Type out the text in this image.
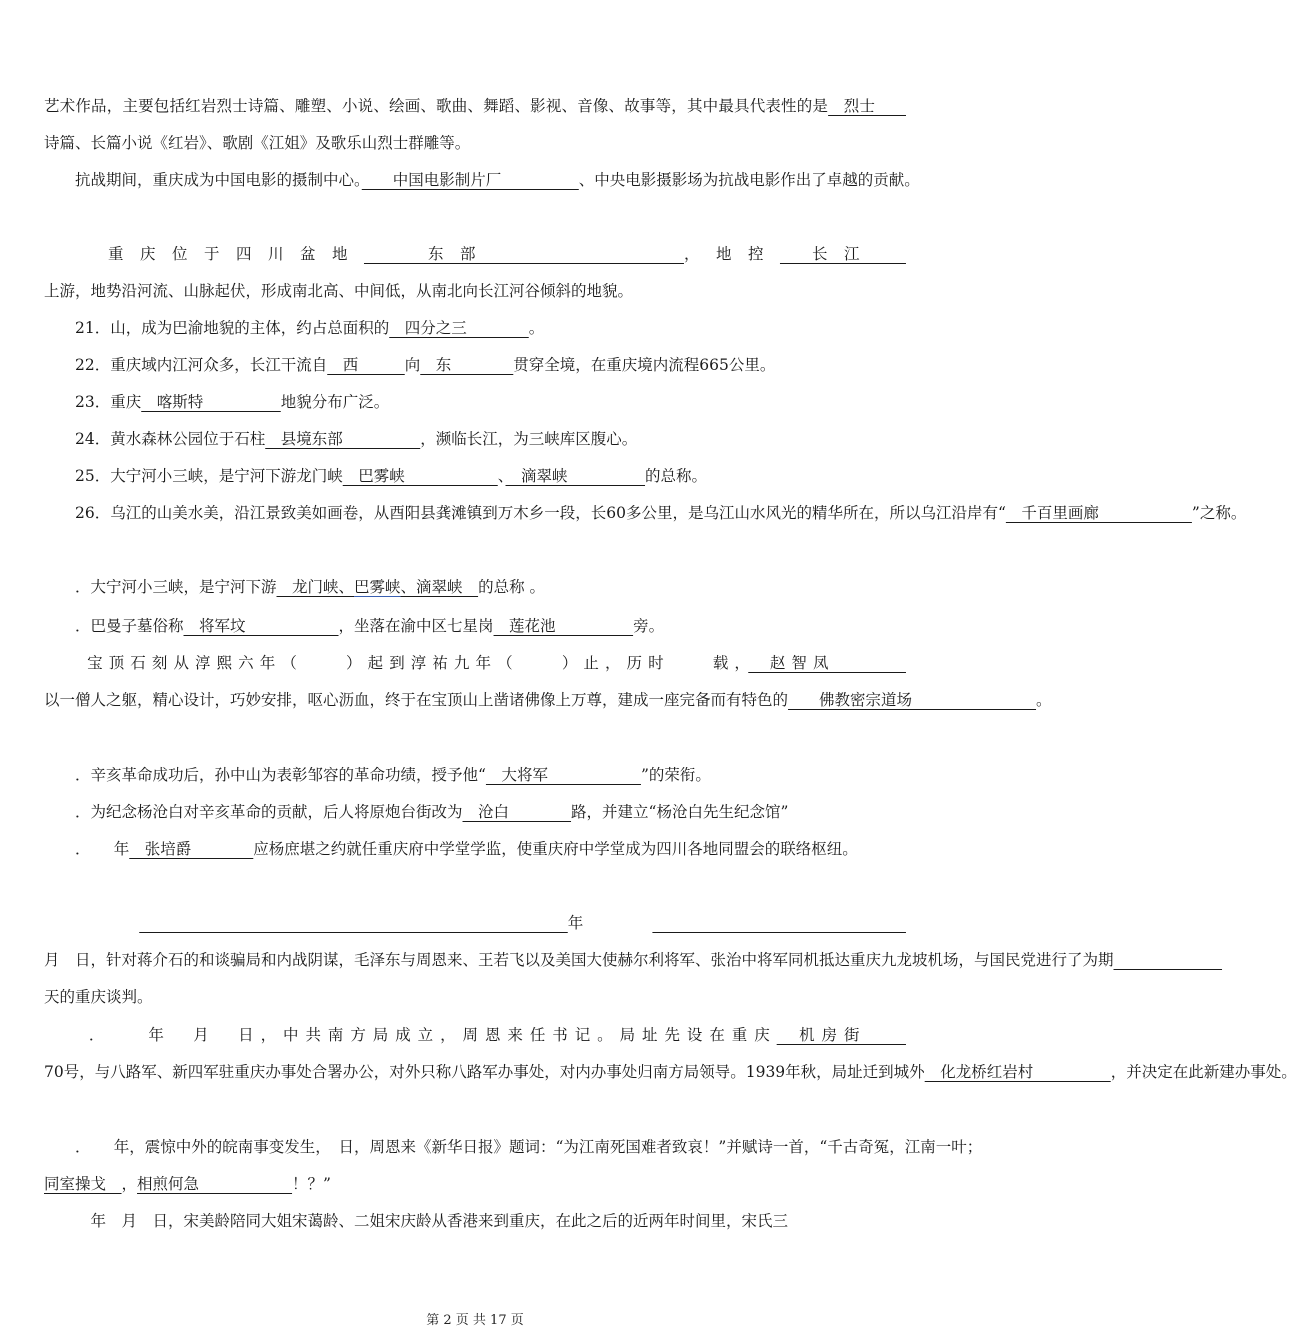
艺术作品，主要包括红岩烈士诗篇、雕塑、小说、绘画、歌曲、舞蹈、影视、音像、故事等，其中最具代表性的是　烈士　　诗篇、长篇小说《红岩》、歌剧《江姐》及歌乐山烈士群雕等。
　　抗战期间，重庆成为中国电影的摄制中心。　　中国电影制片厂　　　　　、中央电影摄影场为抗战电影作出了卓越的贡献。
　　重庆位于四川盆地　　东部　　　　　　，地控　长江　　　上游，地势沿河流、山脉起伏，形成南北高、中间低，从南北向长江河谷倾斜的地貌。
　　21．山，成为巴渝地貌的主体，约占总面积的　四分之三　　　　。
　　22．重庆域内江河众多，长江干流自　西　　　向　东　　　　贯穿全境，在重庆境内流程665公里。
　　23．重庆　喀斯特　　　　　地貌分布广泛。
　　24．黄水森林公园位于石柱　县境东部　　　　　，濒临长江，为三峡库区腹心。
　　25．大宁河小三峡，是宁河下游龙门峡　巴雾峡　　　　　　、　滴翠峡　　　　　的总称。
　　26．乌江的山美水美，沿江景致美如画卷，从酉阳县龚滩镇到万木乡一段，长60多公里，是乌江山水风光的精华所在，所以乌江沿岸有“　千百里画廊　　　　　　”之称。
　　．大宁河小三峡，是宁河下游　龙门峡、巴雾峡、滴翠峡　的总称 。
　　．巴曼子墓俗称　将军坟　　　　　　，坐落在渝中区七星岗　莲花池　　　　　旁。
　　宝顶石刻从淳熙六年（　　）起到淳祐九年（　　）止，历时　　载，　赵智凤　　　　　以一僧人之躯，精心设计，巧妙安排，呕心沥血，终于在宝顶山上凿诸佛像上万尊，建成一座完备而有特色的　　佛教密宗道场　　　　　　　　。
　　．辛亥革命成功后，孙中山为表彰邹容的革命功绩，授予他“　大将军　　　　　　”的荣衔。
　　．为纪念杨沧白对辛亥革命的贡献，后人将原炮台街改为　沧白　　　　路，并建立“杨沧白先生纪念馆”
　　．　　年　张培爵　　　　应杨庶堪之约就任重庆府中学堂学监，使重庆府中学堂成为四川各地同盟会的联络枢纽。
　　　　　　　　　　　年 　　　　　　月　日，针对蒋介石的和谈骗局和内战阴谋，毛泽东与周恩来、王若飞以及美国大使赫尔利将军、张治中将军同机抵达重庆九龙坡机场，与国民党进行了为期　　　　　　　天的重庆谈判。
　　．　　年　月　日，中共南方局成立，周恩来任书记。局址先设在重庆　机房街　　　70号，与八路军、新四军驻重庆办事处合署办公，对外只称八路军办事处，对内办事处归南方局领导。1939年秋，局址迁到城外　化龙桥红岩村　　　　　，并决定在此新建办事处。
　　．　　年，震惊中外的皖南事变发生，　日，周恩来《新华日报》题词：“为江南死国难者致哀！”并赋诗一首，“千古奇冤，江南一叶；同室操戈　，相煎何急　　　　　　！？”
　　　年　月　日，宋美龄陪同大姐宋蔼龄、二姐宋庆龄从香港来到重庆，在此之后的近两年时间里，宋氏三
第 2 页 共 17 页
